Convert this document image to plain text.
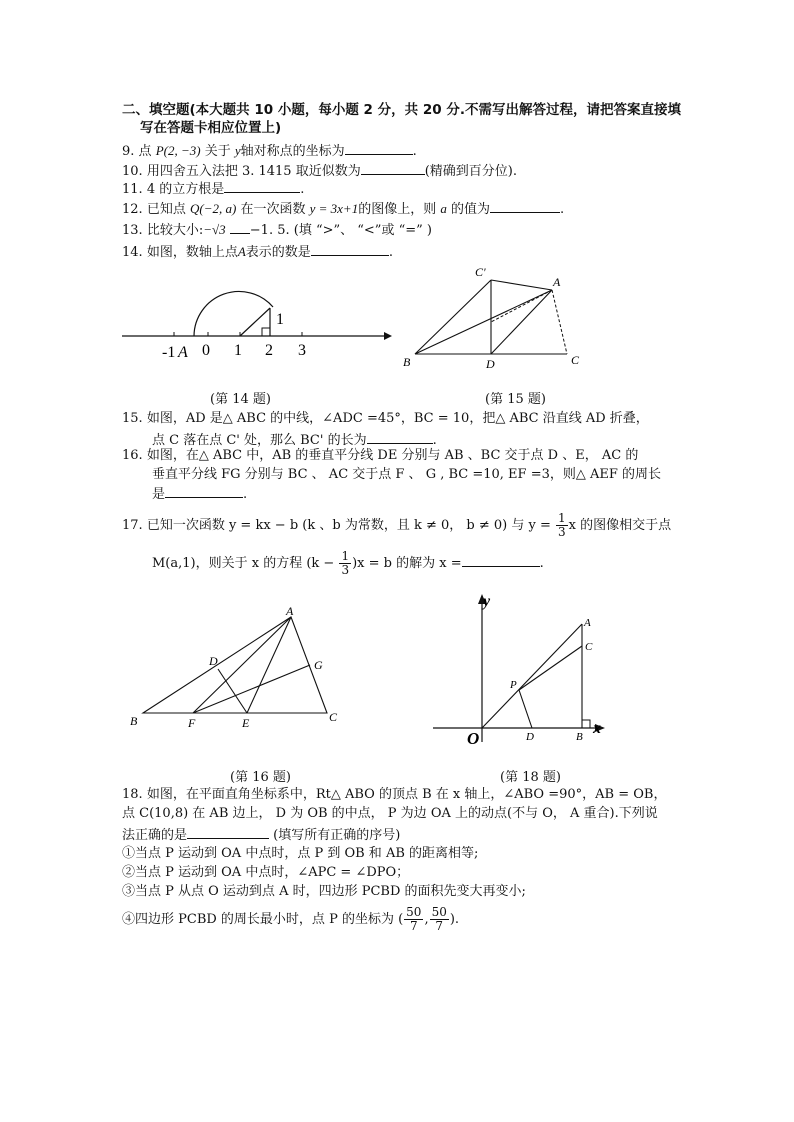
二、填空题(本大题共 10 小题，每小题 2 分，共 20 分.不需写出解答过程，请把答案直接填
写在答题卡相应位置上)
9. 点 P(2, −3) 关于 y轴对称点的坐标为	.
10. 用四舍五入法把 3. 1415 取近似数为	(精确到百分位).
11. 4 的立方根是	.
12. 已知点 Q(−2, a) 在一次函数 y = 3x+1的图像上，则 a 的值为	.
13. 比较大小:−√3 −1. 5. (填 “>”、 “<”或 “=” )
14. 如图，数轴上点A表示的数是	.
1
-1 A 0 1 2 3
(第 14 题)
C'
A
B	D	C
(第 15 题)
15. 如图，AD 是△ ABC 的中线，∠ADC =45°，BC = 10，把△ ABC 沿直线 AD 折叠，
点 C 落在点 C' 处，那么 BC' 的长为	.
16. 如图，在△ ABC 中，AB 的垂直平分线 DE 分别与 AB 、BC 交于点 D 、E， AC 的
垂直平分线 FG 分别与 BC 、 AC 交于点 F 、 G , BC =10, EF =3，则△ AEF 的周长
是	.
17. 已知一次函数 y = kx − b (k 、b 为常数，且 k ≠ 0， b ≠ 0) 与 $y = \frac{1}{3}$ x 的图像相交于点
M(a,1)，则关于 x 的方程 $(k - \frac{1}{3} )x = b$ 的解为 x =	.
A
D	G
B	F	E	C
(第 16 题)
y
A
C
P
O	D	B x
(第 18 题)
18. 如图，在平面直角坐标系中，Rt△ ABO 的顶点 B 在 x 轴上，∠ABO =90°，AB = OB，
点 C(10,8) 在 AB 边上， D 为 OB 的中点， P 为边 OA 上的动点(不与 O， A 重合).下列说
法正确的是	(填写所有正确的序号)
①当点 P 运动到 OA 中点时，点 P 到 OB 和 AB 的距离相等;
②当点 P 运动到 OA 中点时，∠APC = ∠DPO；
③当点 P 从点 O 运动到点 A 时，四边形 PCBD 的面积先变大再变小;
④四边形 PCBD 的周长最小时，点 P 的坐标为 ( $\frac{50}{7}$ , $\frac{50}{7}$ ).
